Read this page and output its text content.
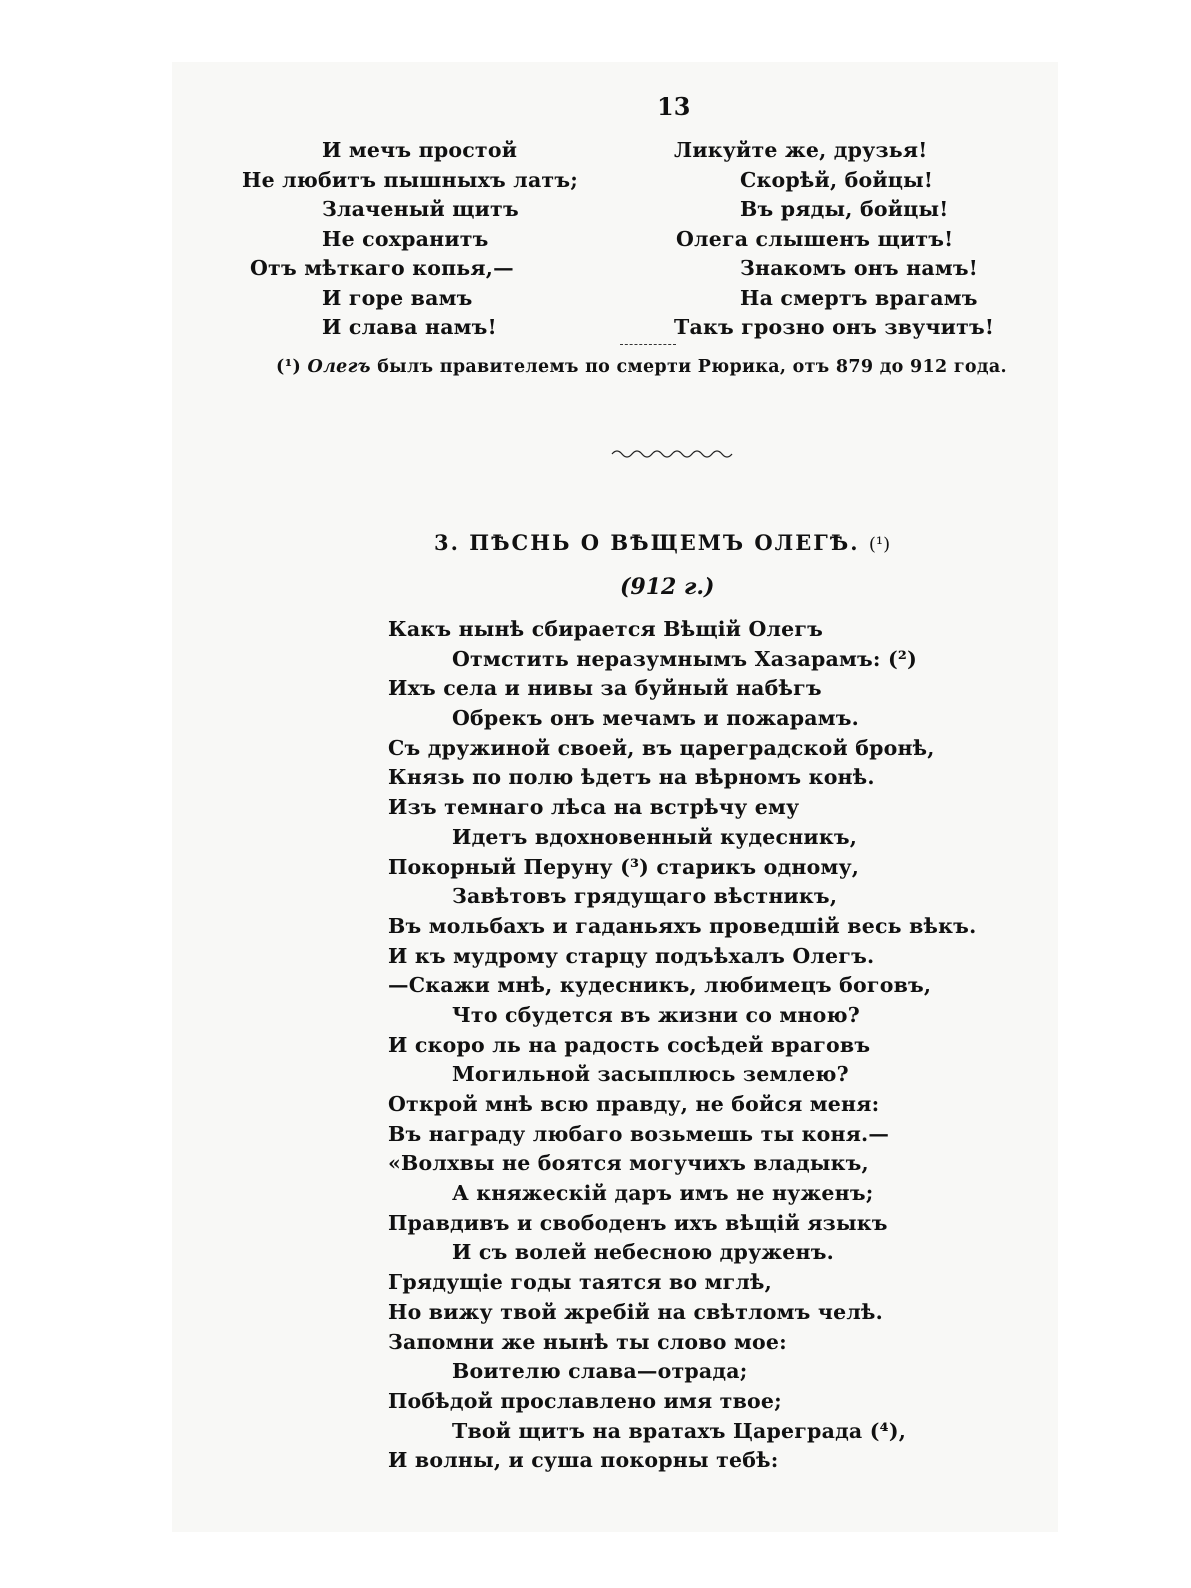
13
И мечъ простой
Не любитъ пышныхъ латъ;
Злаченый щитъ
Не сохранитъ
Отъ мѣткаго копья,—
И горе вамъ
И слава намъ!
Ликуйте же, друзья!
Скорѣй, бойцы!
Въ ряды, бойцы!
Олега слышенъ щитъ!
Знакомъ онъ намъ!
На смертъ врагамъ
Такъ грозно онъ звучитъ!
(¹) Олегъ былъ правителемъ по смерти Рюрика, отъ 879 до 912 года.
3. ПѢСНЬ О ВѢЩЕМЪ ОЛЕГѢ. (¹)
(912 г.)
Какъ нынѣ сбирается Вѣщій Олегъ
Отмстить неразумнымъ Хазарамъ: (²)
Ихъ села и нивы за буйный набѣгъ
Обрекъ онъ мечамъ и пожарамъ.
Съ дружиной своей, въ цареградской бронѣ,
Князь по полю ѣдетъ на вѣрномъ конѣ.
Изъ темнаго лѣса на встрѣчу ему
Идетъ вдохновенный кудесникъ,
Покорный Перуну (³) старикъ одному,
Завѣтовъ грядущаго вѣстникъ,
Въ мольбахъ и гаданьяхъ проведшій весь вѣкъ.
И къ мудрому старцу подъѣхалъ Олегъ.
—Скажи мнѣ, кудесникъ, любимецъ боговъ,
Что сбудется въ жизни со мною?
И скоро ль на радость сосѣдей враговъ
Могильной засыплюсь землею?
Открой мнѣ всю правду, не бойся меня:
Въ награду любаго возьмешь ты коня.—
«Волхвы не боятся могучихъ владыкъ,
А княжескій даръ имъ не нуженъ;
Правдивъ и свободенъ ихъ вѣщій языкъ
И съ волей небесною друженъ.
Грядущіе годы таятся во мглѣ,
Но вижу твой жребій на свѣтломъ челѣ.
Запомни же нынѣ ты слово мое:
Воителю слава—отрада;
Побѣдой прославлено имя твое;
Твой щитъ на вратахъ Цареграда (⁴),
И волны, и суша покорны тебѣ:
